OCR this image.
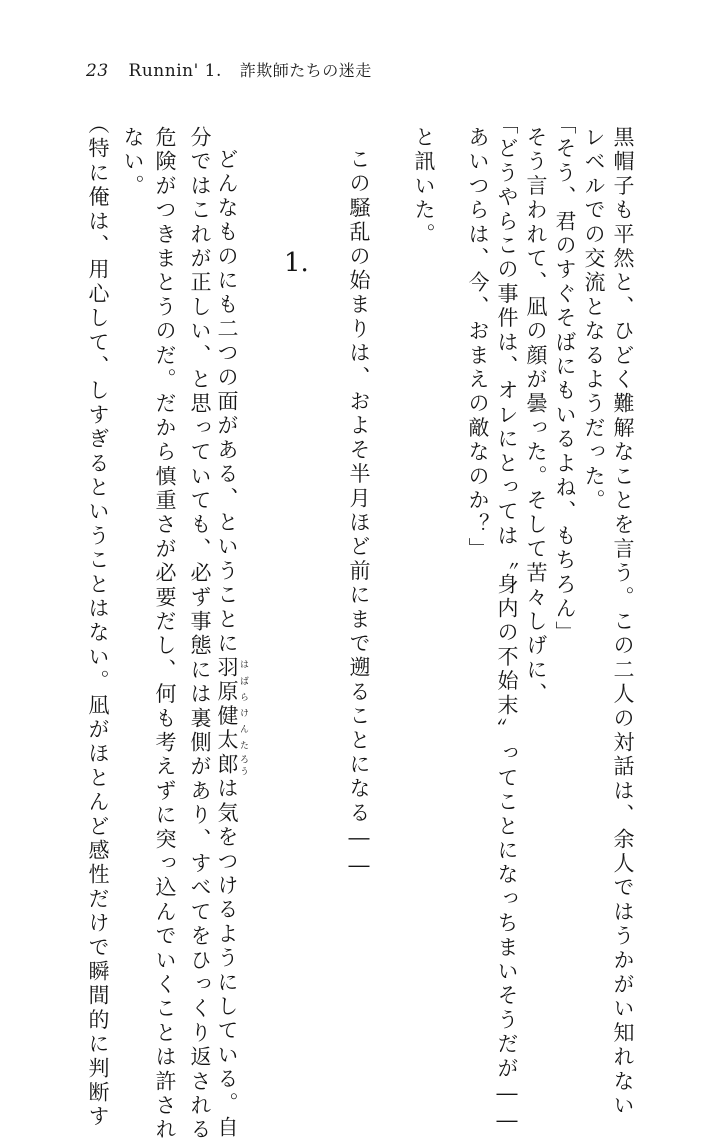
23 Runnin' 1. 詐欺師たちの迷走
黒帽子も平然と、ひどく難解なことを言う。この二人の対話は、余人ではうかがい知れない
レベルでの交流となるようだった。
「そう、君のすぐそばにもいるよね、もちろん」
そう言われて、凪の顔が曇った。そして苦々しげに、
「どうやらこの事件は、オレにとっては〝身内の不始末〟ってことになっちまいそうだが――
あいつらは、今、おまえの敵なのか？」
と訊いた。
この騒乱の始まりは、およそ半月ほど前にまで遡ることになる――
1.
どんなものにも二つの面がある、ということに羽原健太 はばらけんた郎 ろうは気をつけるようにしている。自
分ではこれが正しい、と思っていても、必ず事態には裏側があり、すべてをひっくり返される
危険がつきまとうのだ。だから慎重さが必要だし、何も考えずに突っ込んでいくことは許され
ない。
（特に俺は、用心して、しすぎるということはない。凪がほとんど感性だけで瞬間的に判断す
